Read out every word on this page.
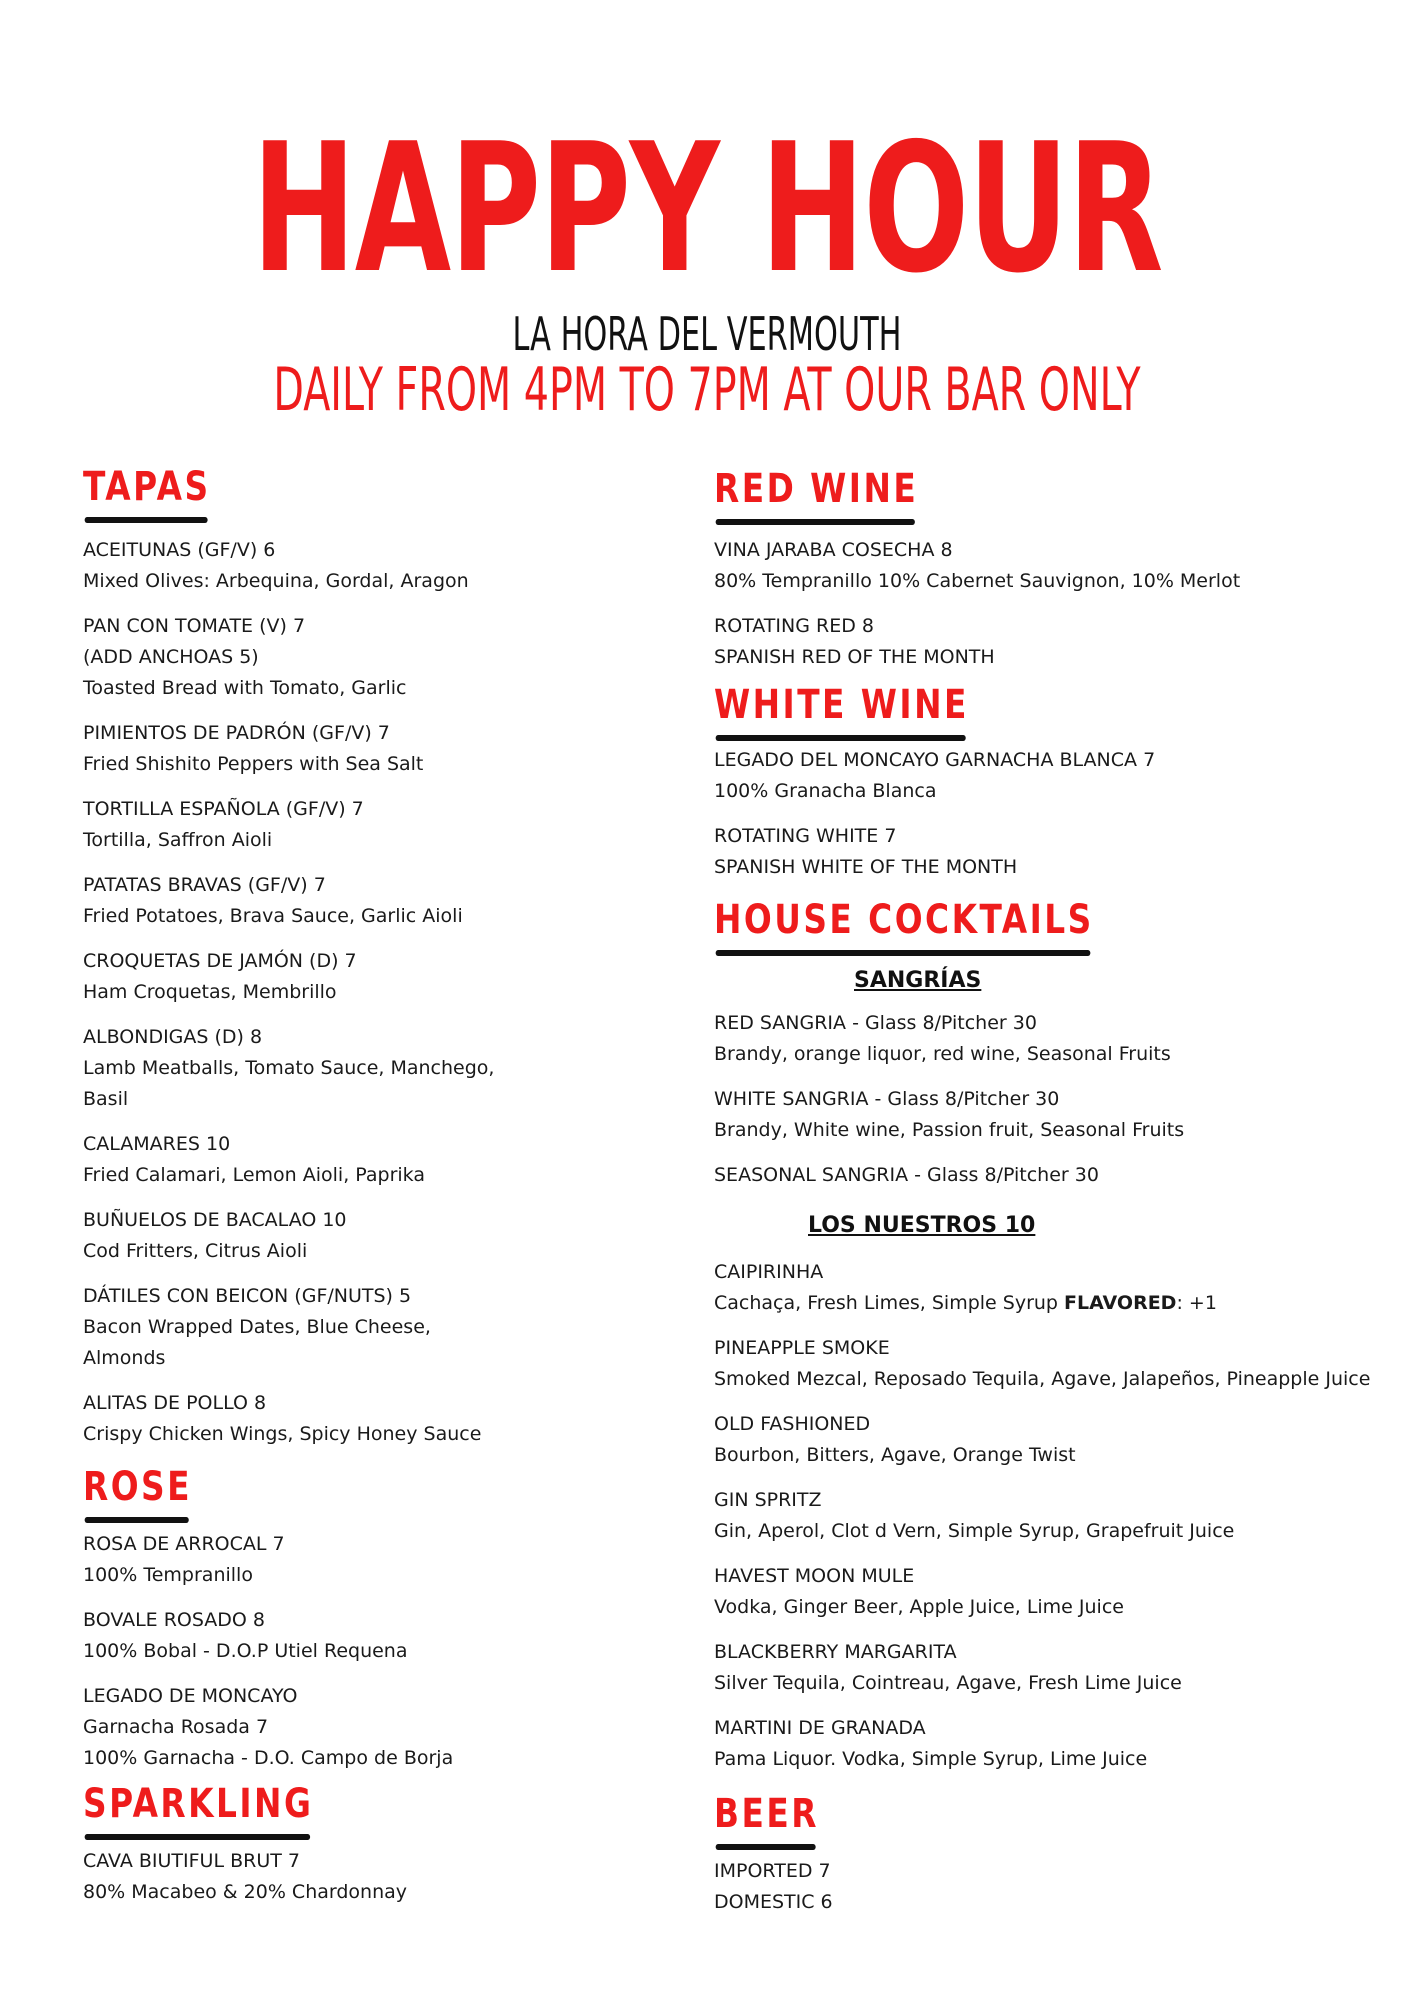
HAPPY HOUR
LA HORA DEL VERMOUTH
DAILY FROM 4PM TO 7PM AT OUR BAR ONLY
TAPAS
ACEITUNAS (GF/V) 6
Mixed Olives: Arbequina, Gordal, Aragon
PAN CON TOMATE (V) 7
(ADD ANCHOAS 5)
Toasted Bread with Tomato, Garlic
PIMIENTOS DE PADRÓN (GF/V) 7
Fried Shishito Peppers with Sea Salt
TORTILLA ESPAÑOLA (GF/V) 7
Tortilla, Saffron Aioli
PATATAS BRAVAS (GF/V) 7
Fried Potatoes, Brava Sauce, Garlic Aioli
CROQUETAS DE JAMÓN (D) 7
Ham Croquetas, Membrillo
ALBONDIGAS (D) 8
Lamb Meatballs, Tomato Sauce, Manchego,
Basil
CALAMARES 10
Fried Calamari, Lemon Aioli, Paprika
BUÑUELOS DE BACALAO 10
Cod Fritters, Citrus Aioli
DÁTILES CON BEICON (GF/NUTS) 5
Bacon Wrapped Dates, Blue Cheese,
Almonds
ALITAS DE POLLO 8
Crispy Chicken Wings, Spicy Honey Sauce
ROSE
ROSA DE ARROCAL 7
100% Tempranillo
BOVALE ROSADO 8
100% Bobal - D.O.P Utiel Requena
LEGADO DE MONCAYO
Garnacha Rosada 7
100% Garnacha - D.O. Campo de Borja
SPARKLING
CAVA BIUTIFUL BRUT 7
80% Macabeo & 20% Chardonnay
RED WINE
VINA JARABA COSECHA 8
80% Tempranillo 10% Cabernet Sauvignon, 10% Merlot
ROTATING RED 8
SPANISH RED OF THE MONTH
WHITE WINE
LEGADO DEL MONCAYO GARNACHA BLANCA 7
100% Granacha Blanca
ROTATING WHITE 7
SPANISH WHITE OF THE MONTH
HOUSE COCKTAILS
SANGRÍAS
RED SANGRIA - Glass 8/Pitcher 30
Brandy, orange liquor, red wine, Seasonal Fruits
WHITE SANGRIA - Glass 8/Pitcher 30
Brandy, White wine, Passion fruit, Seasonal Fruits
SEASONAL SANGRIA - Glass 8/Pitcher 30
LOS NUESTROS 10
CAIPIRINHA
Cachaça, Fresh Limes, Simple Syrup FLAVORED: +1
PINEAPPLE SMOKE
Smoked Mezcal, Reposado Tequila, Agave, Jalapeños, Pineapple Juice
OLD FASHIONED
Bourbon, Bitters, Agave, Orange Twist
GIN SPRITZ
Gin, Aperol, Clot d Vern, Simple Syrup, Grapefruit Juice
HAVEST MOON MULE
Vodka, Ginger Beer, Apple Juice, Lime Juice
BLACKBERRY MARGARITA
Silver Tequila, Cointreau, Agave, Fresh Lime Juice
MARTINI DE GRANADA
Pama Liquor. Vodka, Simple Syrup, Lime Juice
BEER
IMPORTED 7
DOMESTIC 6
